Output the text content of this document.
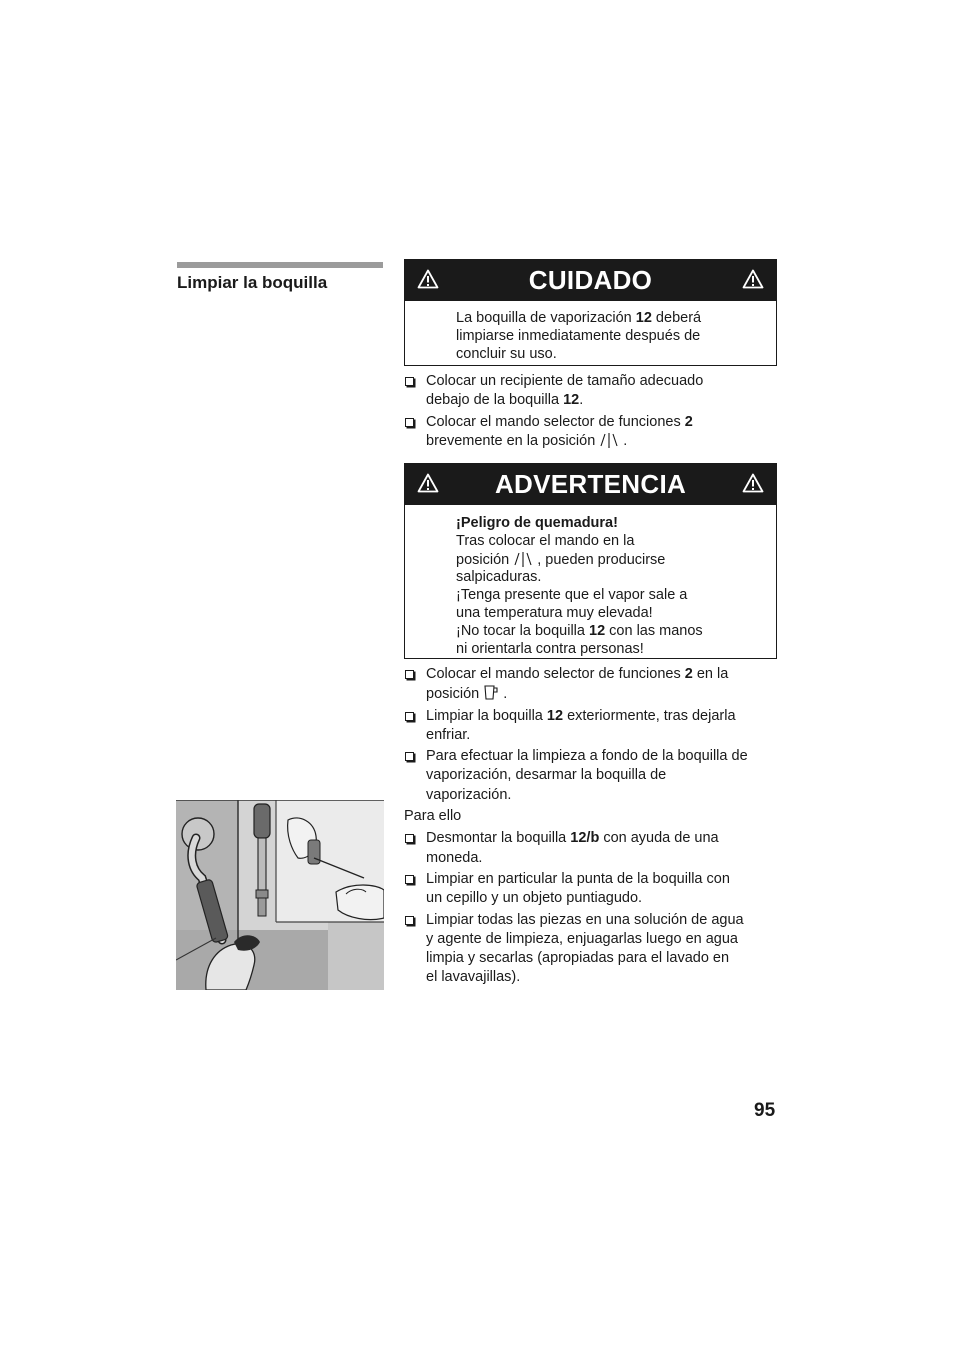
Limpiar la boquilla	CUIDADO

La boquilla de vaporización 12 deberá

limpiarse inmediatamente después de

concluir su uso.

Colocar un recipiente de tamaño adecuado
debajo de la boquilla 12.
Colocar el mando selector de funciones 2
brevemente en la posición .
ADVERTENCIA

¡Peligro de quemadura!

Tras colocar el mando en la

posición , pueden producirse

salpicaduras.

¡Tenga presente que el vapor sale a

una temperatura muy elevada!

¡No tocar la boquilla 12 con las manos

ni orientarla contra personas!

Colocar el mando selector de funciones 2 en la
posición .
Limpiar la boquilla 12 exteriormente, tras dejarla
enfriar.
Para efectuar la limpieza a fondo de la boquilla de
vaporización, desarmar la boquilla de
vaporización.
Para ello
Desmontar la boquilla 12/b con ayuda de una
moneda.
Limpiar en particular la punta de la boquilla con
un cepillo y un objeto puntiagudo.
Limpiar todas las piezas en una solución de agua
y agente de limpieza, enjuagarlas luego en agua
limpia y secarlas (apropiadas para el lavado en
el lavavajillas).
95
